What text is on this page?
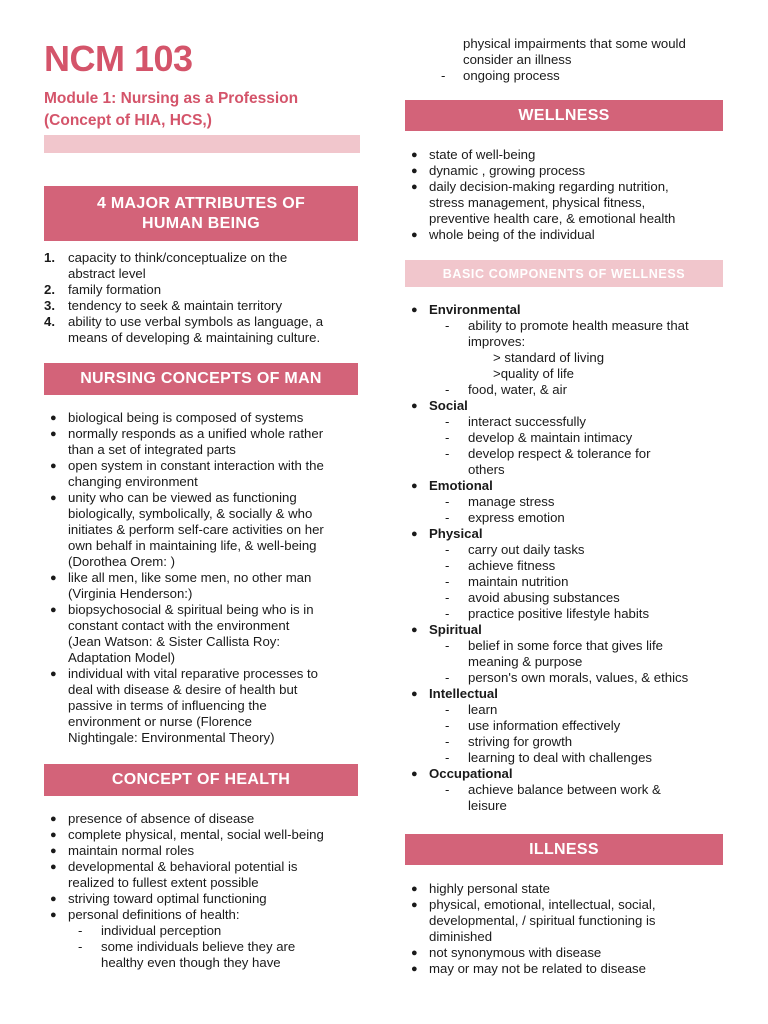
NCM 103
Module 1: Nursing as a Profession
(Concept of HIA, HCS,)
4 MAJOR ATTRIBUTES OF
HUMAN BEING
1. capacity to think/conceptualize on the
abstract level
2. family formation
3. tendency to seek & maintain territory
4. ability to use verbal symbols as language, a
means of developing & maintaining culture.
NURSING CONCEPTS OF MAN
● biological being is composed of systems
● normally responds as a unified whole rather
than a set of integrated parts
● open system in constant interaction with the
changing environment
● unity who can be viewed as functioning
biologically, symbolically, & socially & who
initiates & perform self-care activities on her
own behalf in maintaining life, & well-being
(Dorothea Orem: )
● like all men, like some men, no other man
(Virginia Henderson:)
● biopsychosocial & spiritual being who is in
constant contact with the environment
(Jean Watson: & Sister Callista Roy:
Adaptation Model)
● individual with vital reparative processes to
deal with disease & desire of health but
passive in terms of influencing the
environment or nurse (Florence
Nightingale: Environmental Theory)
CONCEPT OF HEALTH
● presence of absence of disease
● complete physical, mental, social well-being
● maintain normal roles
● developmental & behavioral potential is
realized to fullest extent possible
● striving toward optimal functioning
● personal definitions of health:
-	individual perception
-	some individuals believe they are
healthy even though they have
physical impairments that some would
consider an illness
-	ongoing process
WELLNESS
● state of well-being
● dynamic , growing process
● daily decision-making regarding nutrition,
stress management, physical fitness,
preventive health care, & emotional health
● whole being of the individual
BASIC COMPONENTS OF WELLNESS
● Environmental
-	ability to promote health measure that
improves:
> standard of living
>quality of life
-	food, water, & air
● Social
-	interact successfully
-	develop & maintain intimacy
-	develop respect & tolerance for
others
● Emotional
-	manage stress
-	express emotion
● Physical
-	carry out daily tasks
-	achieve fitness
-	maintain nutrition
-	avoid abusing substances
-	practice positive lifestyle habits
● Spiritual
-	belief in some force that gives life
meaning & purpose
-	person's own morals, values, & ethics
● Intellectual
-	learn
-	use information effectively
-	striving for growth
-	learning to deal with challenges
● Occupational
-	achieve balance between work &
leisure
ILLNESS
● highly personal state
● physical, emotional, intellectual, social,
developmental, / spiritual functioning is
diminished
● not synonymous with disease
● may or may not be related to disease
